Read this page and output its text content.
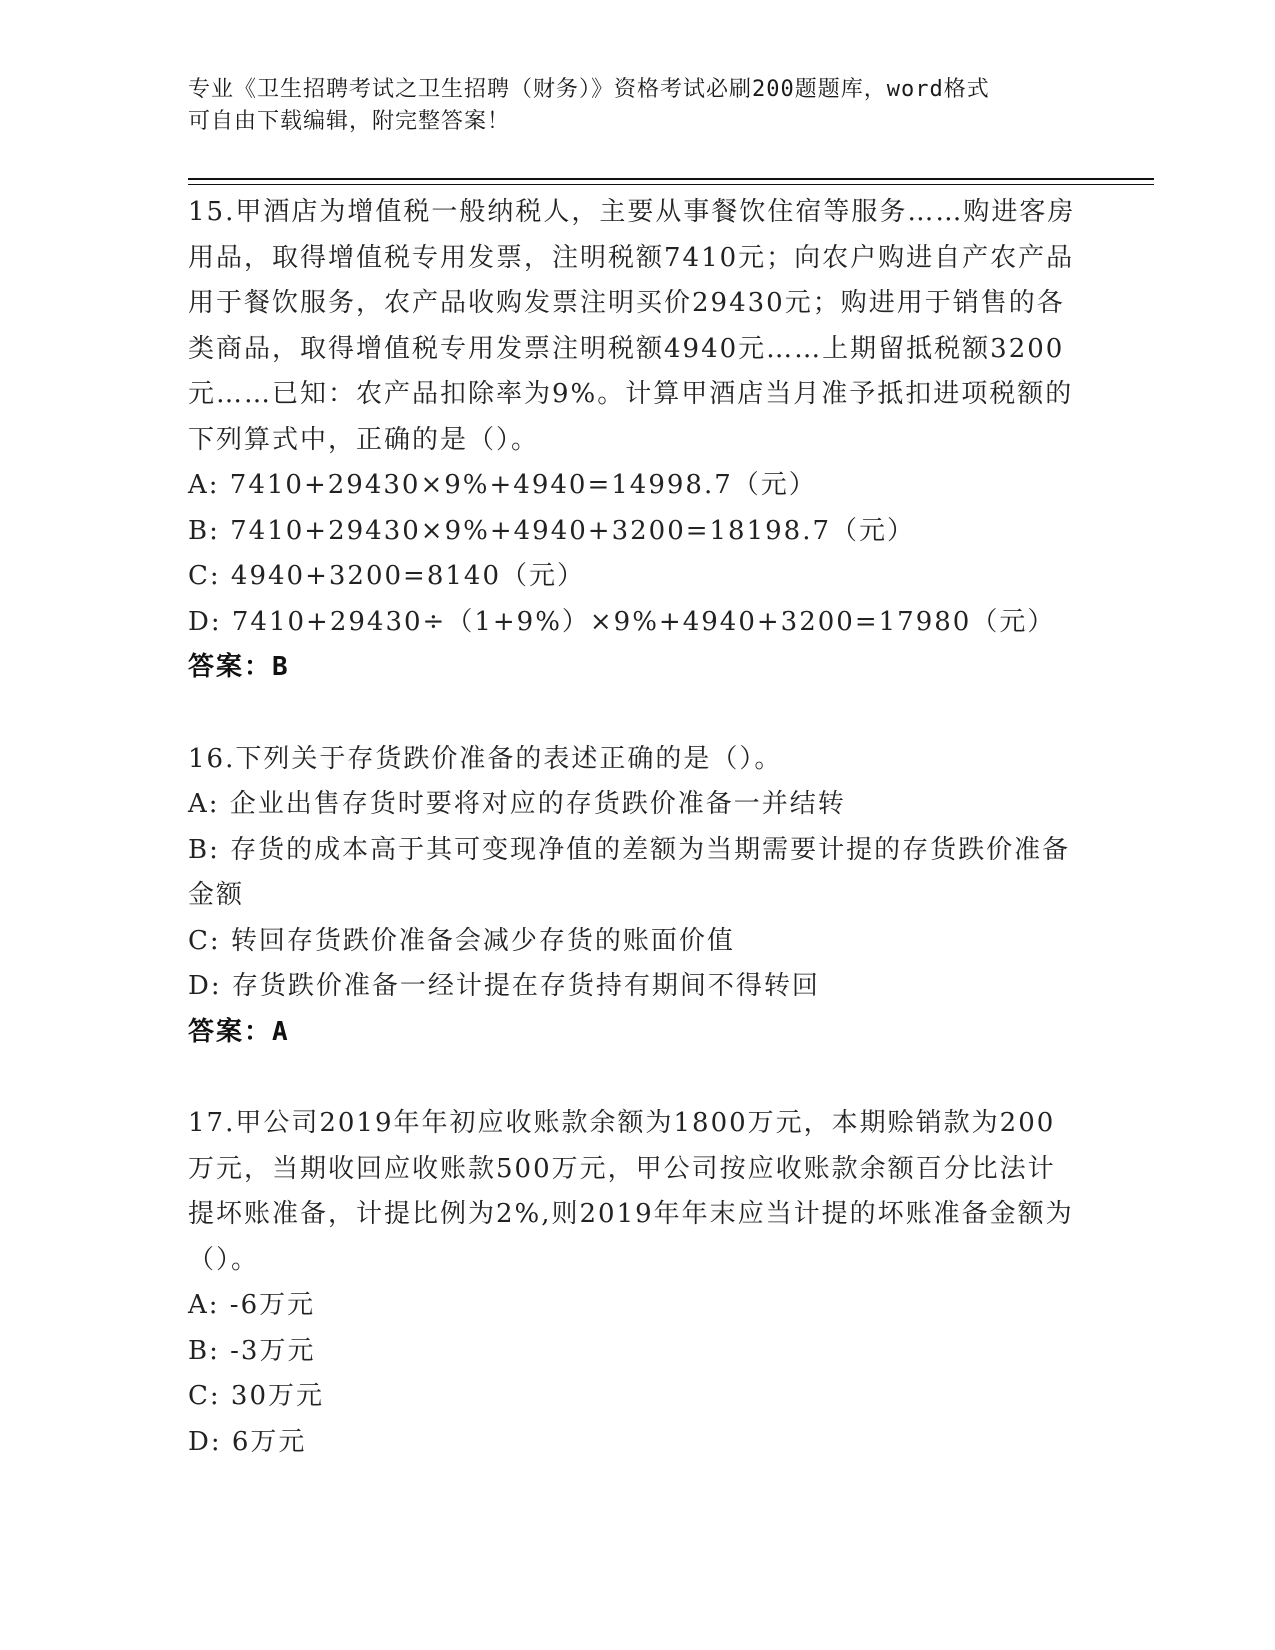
专业《卫生招聘考试之卫生招聘（财务）》资格考试必刷200题题库，word格式
可自由下载编辑，附完整答案！

15.甲酒店为增值税一般纳税人，主要从事餐饮住宿等服务……购进客房用品，取得增值税专用发票，注明税额7410元；向农户购进自产农产品用于餐饮服务，农产品收购发票注明买价29430元；购进用于销售的各类商品，取得增值税专用发票注明税额4940元……上期留抵税额3200元……已知：农产品扣除率为9%。计算甲酒店当月准予抵扣进项税额的下列算式中，正确的是（）。

A: 7410+29430×9%+4940=14998.7（元）

B: 7410+29430×9%+4940+3200=18198.7（元）

C: 4940+3200=8140（元）

D: 7410+29430÷（1+9%）×9%+4940+3200=17980（元）

答案：B

16.下列关于存货跌价准备的表述正确的是（）。

A: 企业出售存货时要将对应的存货跌价准备一并结转

B: 存货的成本高于其可变现净值的差额为当期需要计提的存货跌价准备金额

C: 转回存货跌价准备会减少存货的账面价值

D: 存货跌价准备一经计提在存货持有期间不得转回

答案：A

17.甲公司2019年年初应收账款余额为1800万元，本期赊销款为200万元，当期收回应收账款500万元，甲公司按应收账款余额百分比法计提坏账准备，计提比例为2%,则2019年年末应当计提的坏账准备金额为（）。

A: -6万元

B: -3万元

C: 30万元

D: 6万元
